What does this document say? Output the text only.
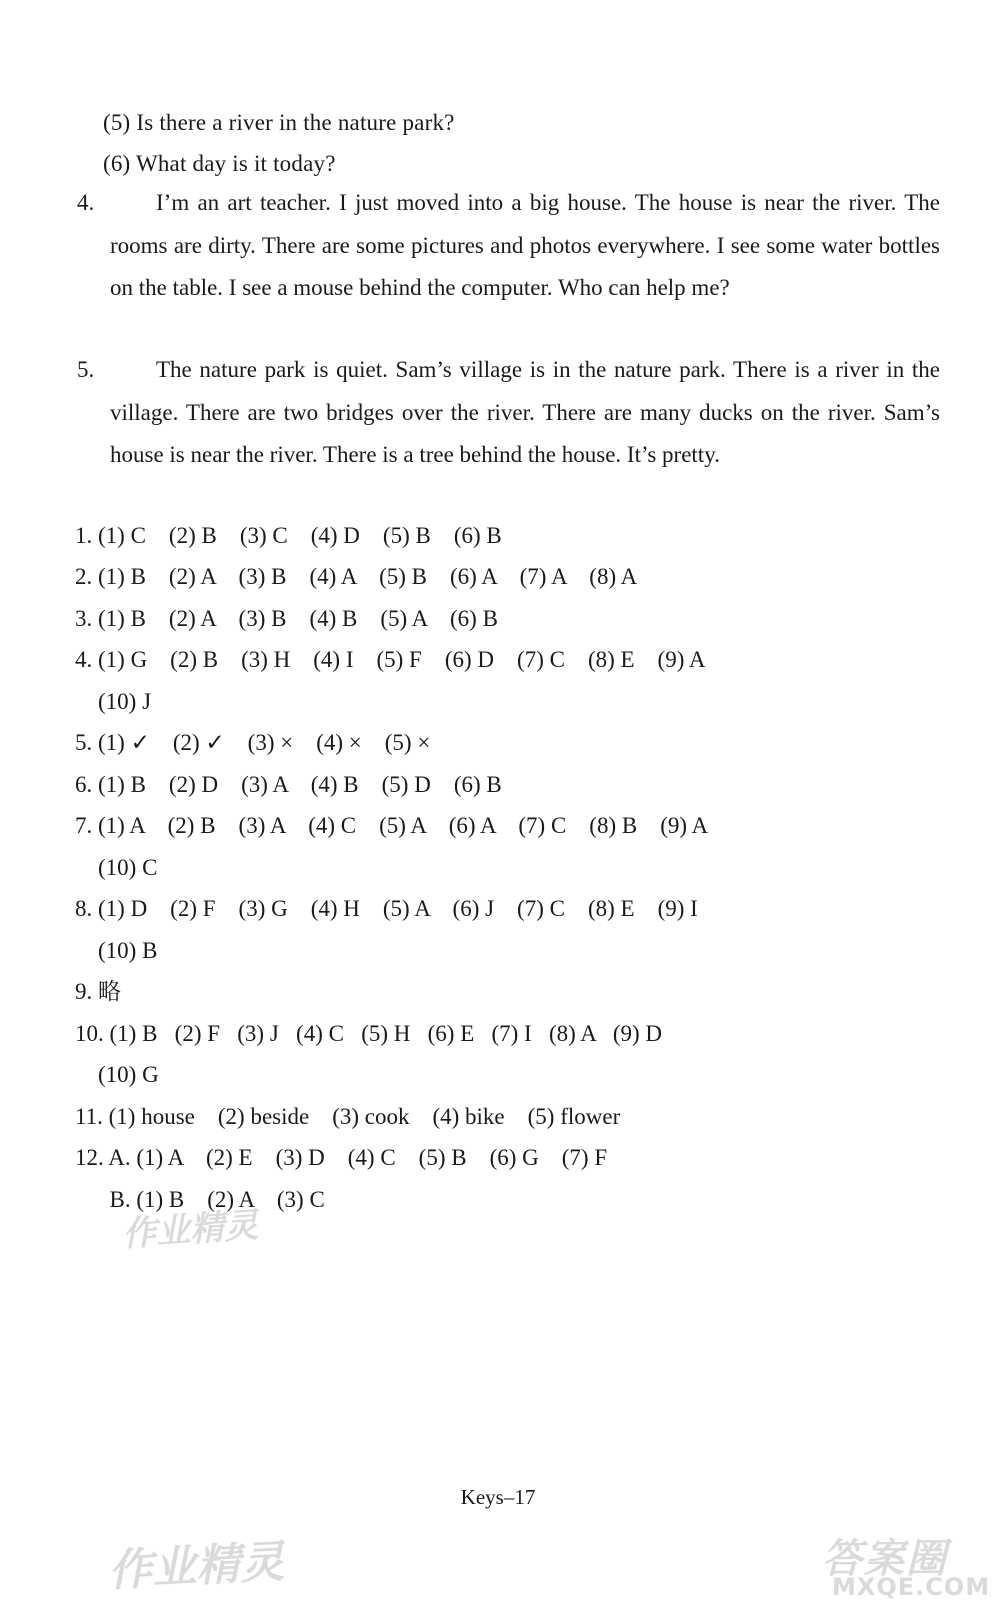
(5) Is there a river in the nature park?
(6) What day is it today?
4.	I’m an art teacher. I just moved into a big house. The house is near the river. The rooms are dirty. There are some pictures and photos everywhere. I see some water bottles on the table. I see a mouse behind the computer. Who can help me?
5.	The nature park is quiet. Sam’s village is in the nature park. There is a river in the village. There are two bridges over the river. There are many ducks on the river. Sam’s house is near the river. There is a tree behind the house. It’s pretty.
1. (1) C    (2) B    (3) C    (4) D    (5) B    (6) B
2. (1) B    (2) A    (3) B    (4) A    (5) B    (6) A    (7) A    (8) A
3. (1) B    (2) A    (3) B    (4) B    (5) A    (6) B
4. (1) G    (2) B    (3) H    (4) I    (5) F    (6) D    (7) C    (8) E    (9) A
(10) J
5. (1) ✓    (2) ✓    (3) ×    (4) ×    (5) ×
6. (1) B    (2) D    (3) A    (4) B    (5) D    (6) B
7. (1) A    (2) B    (3) A    (4) C    (5) A    (6) A    (7) C    (8) B    (9) A
(10) C
8. (1) D    (2) F    (3) G    (4) H    (5) A    (6) J    (7) C    (8) E    (9) I
(10) B
9. 略
10. (1) B   (2) F   (3) J   (4) C   (5) H   (6) E   (7) I   (8) A   (9) D
(10) G
11. (1) house    (2) beside    (3) cook    (4) bike    (5) flower
12. A. (1) A    (2) E    (3) D    (4) C    (5) B    (6) G    (7) F
B. (1) B    (2) A    (3) C
作业精灵
Keys–17
作业精灵	答案圈
MXQE.COM
